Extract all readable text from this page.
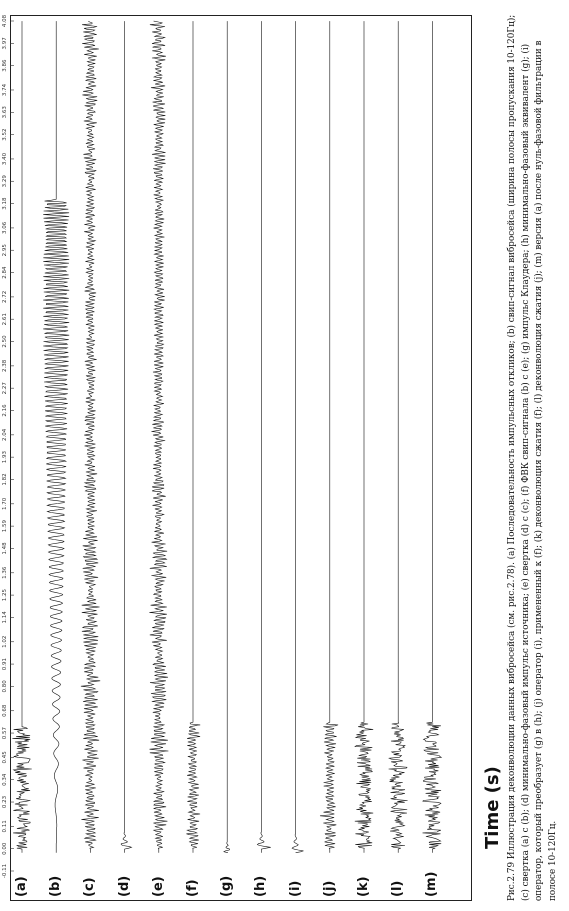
-0.11
0.00
0.11
0.23
0.34
0.45
0.57
0.68
0.80
0.91
1.02
1.14
1.25
1.36
1.48
1.59
1.70
1.82
1.93
2.04
2.16
2.27
2.38
2.50
2.61
2.72
2.84
2.95
3.06
3.18
3.29
3.40
3.52
3.63
3.74
3.86
3.97
4.08
(a) (b) (c) (d) (e) (f) (g) (h) (i) (j) (k) (l) (m)
Time (s) Рис.2.79 Иллюстрация деконволюции данных вибросейса (см. рис.2.78). (a) Последовательность импульсных откликов; (b) свип-сигнал вибросейса (ширина полосы пропускания 10-120Гц); (c) свертка (a) с (b); (d) минимально-фазовый импульс источника; (e) свертка (d) с (c); (f) ФВК свип-сигнала (b) с (e); (g) импульс Клаудера; (h) минимально-фазовый эквивалент (g); (i) оператор, который преобразует (g) в (h); (j) оператор (i), примененный к (f); (k) деконволюция сжатия (f); (l) деконволюция сжатия (j); (m) версия (a) после нуль-фазовой фильтрации в полосе 10-120Гц.
